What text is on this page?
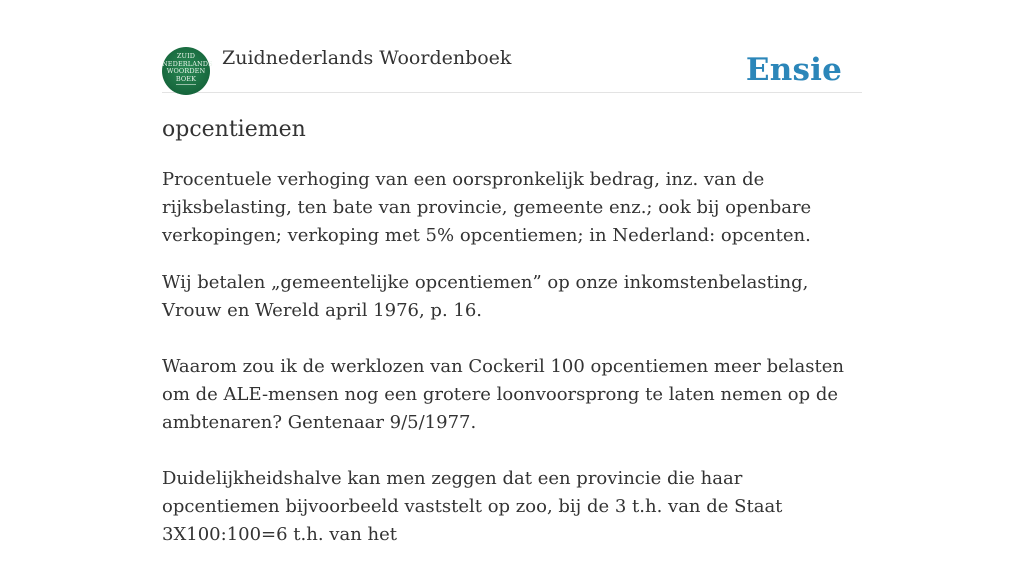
ZUID
NEDERLANDS
WOORDEN
BOEK
Zuidnederlands Woordenboek	Ensie
opcentiemen

Procentuele verhoging van een oorspronkelijk bedrag, inz. van de rijksbelasting, ten bate van provincie, gemeente enz.; ook bij openbare verkopingen; verkoping met 5% opcentiemen; in Nederland: opcenten.

Wij betalen „gemeentelijke opcentiemen” op onze inkomstenbelasting, Vrouw en Wereld april 1976, p. 16.

Waarom zou ik de werklozen van Cockeril 100 opcentiemen meer belasten om de ALE-mensen nog een grotere loonvoorsprong te laten nemen op de ambtenaren? Gentenaar 9/5/1977.

Duidelijkheidshalve kan men zeggen dat een provincie die haar opcentiemen bijvoorbeeld vaststelt op zoo, bij de 3 t.h. van de Staat 3X100:100=6 t.h. van het
